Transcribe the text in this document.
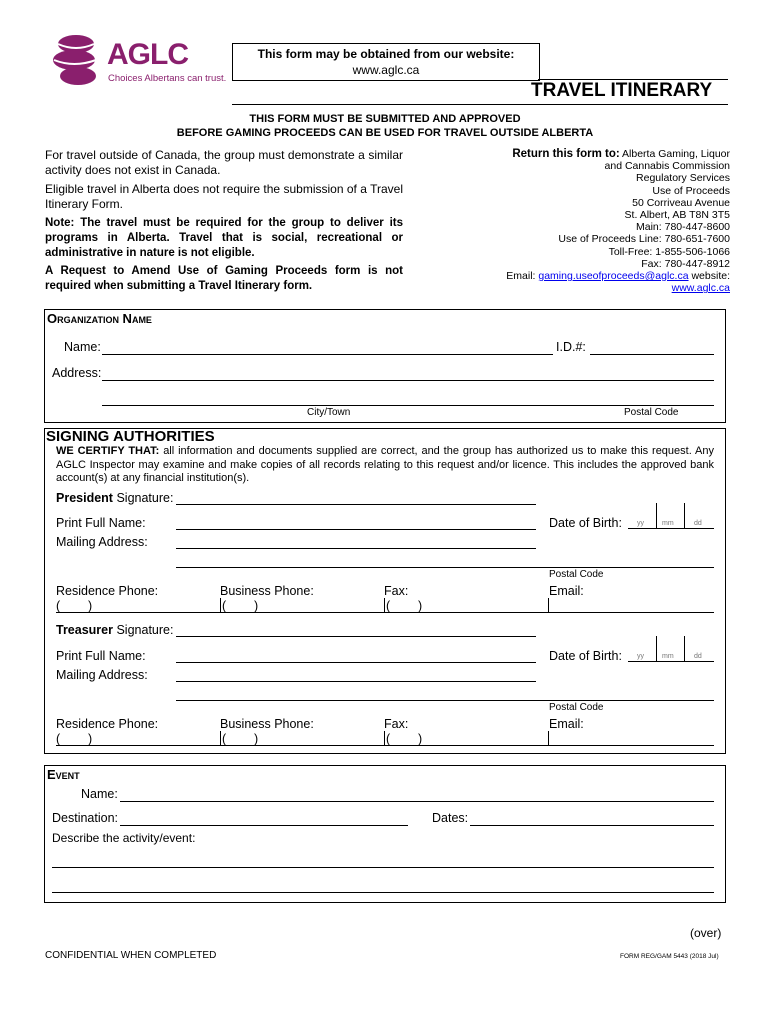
AGLC
Choices Albertans can trust.
This form may be obtained from our website:
www.aglc.ca
TRAVEL ITINERARY
THIS FORM MUST BE SUBMITTED AND APPROVED
BEFORE GAMING PROCEEDS CAN BE USED FOR TRAVEL OUTSIDE ALBERTA
For travel outside of Canada, the group must demonstrate a similar activity does not exist in Canada.
Eligible travel in Alberta does not require the submission of a Travel Itinerary Form.
Note: The travel must be required for the group to deliver its programs in Alberta. Travel that is social, recreational or administrative in nature is not eligible.
A Request to Amend Use of Gaming Proceeds form is not required when submitting a Travel Itinerary form.
Return this form to: Alberta Gaming, Liquor
and Cannabis Commission
Regulatory Services
Use of Proceeds
50 Corriveau Avenue
St. Albert, AB T8N 3T5
Main: 780-447-8600
Use of Proceeds Line: 780-651-7600
Toll-Free: 1-855-506-1066
Fax: 780-447-8912
Email: gaming.useofproceeds@aglc.ca website:
www.aglc.ca
Organization Name
Name:	I.D.#:
Address:
City/Town	Postal Code
SIGNING AUTHORITIES
WE CERTIFY THAT: all information and documents supplied are correct, and the group has authorized us to make this request. Any AGLC Inspector may examine and make copies of all records relating to this request and/or licence. This includes the approved bank account(s) at any financial institution(s).
President Signature:
Print Full Name:	Date of Birth: yy	mm	dd
Mailing Address:
Postal Code
Residence Phone:	Business Phone:	Fax:	Email:
(        )	(        )	(        )
Treasurer Signature:
Print Full Name:	Date of Birth: yy	mm	dd
Mailing Address:
Postal Code
Residence Phone:	Business Phone:	Fax:	Email:
(        )	(        )	(        )
Event
Name:
Destination:	Dates:
Describe the activity/event:
(over)
CONFIDENTIAL WHEN COMPLETED	FORM REG/GAM 5443 (2018 Jul)
